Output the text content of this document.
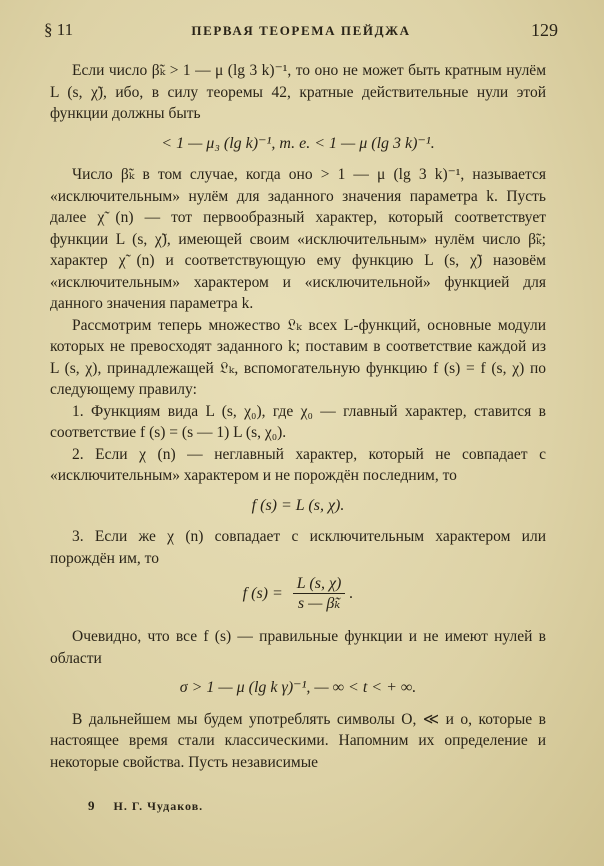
§ 11	ПЕРВАЯ ТЕОРЕМА ПЕЙДЖА	129

Если число β̃ₖ > 1 — μ (lg 3 k)⁻¹, то оно не может быть кратным нулём L (s, χ̃), ибо, в силу теоремы 42, кратные действительные нули этой функции должны быть

< 1 — μ₃ (lg k)⁻¹, т. е. < 1 — μ (lg 3 k)⁻¹.

Число β̃ₖ в том случае, когда оно > 1 — μ (lg 3 k)⁻¹, называется «исключительным» нулём для заданного значения параметра k. Пусть далее χ̃ (n) — тот первообразный характер, который соответствует функции L (s, χ̃), имеющей своим «исключительным» нулём число β̃ₖ; характер χ̃ (n) и соответствующую ему функцию L (s, χ̃) назовём «исключительным» характером и «исключительной» функцией для данного значения параметра k.

Рассмотрим теперь множество 𝔏ₖ всех L-функций, основные модули которых не превосходят заданного k; поставим в соответствие каждой из L (s, χ), принадлежащей 𝔏ₖ, вспомогательную функцию f (s) = f (s, χ) по следующему правилу:

1. Функциям вида L (s, χ₀), где χ₀ — главный характер, ставится в соответствие f (s) = (s — 1) L (s, χ₀).

2. Если χ (n) — неглавный характер, который не совпадает с «исключительным» характером и не порождён последним, то

f (s) = L (s, χ).

3. Если же χ (n) совпадает с исключительным характером или порождён им, то

f $(s) = \frac{L (s, \chi)}{\text{s — β̃ₖ}}$ .

Очевидно, что все f (s) — правильные функции и не имеют нулей в области

σ > 1 — μ (lg k γ)⁻¹, — ∞ < t < + ∞.

В дальнейшем мы будем употреблять символы O, ≪ и o, которые в настоящее время стали классическими. Напомним их определение и некоторые свойства. Пусть независимые

9 Н. Г. Чудаков.
